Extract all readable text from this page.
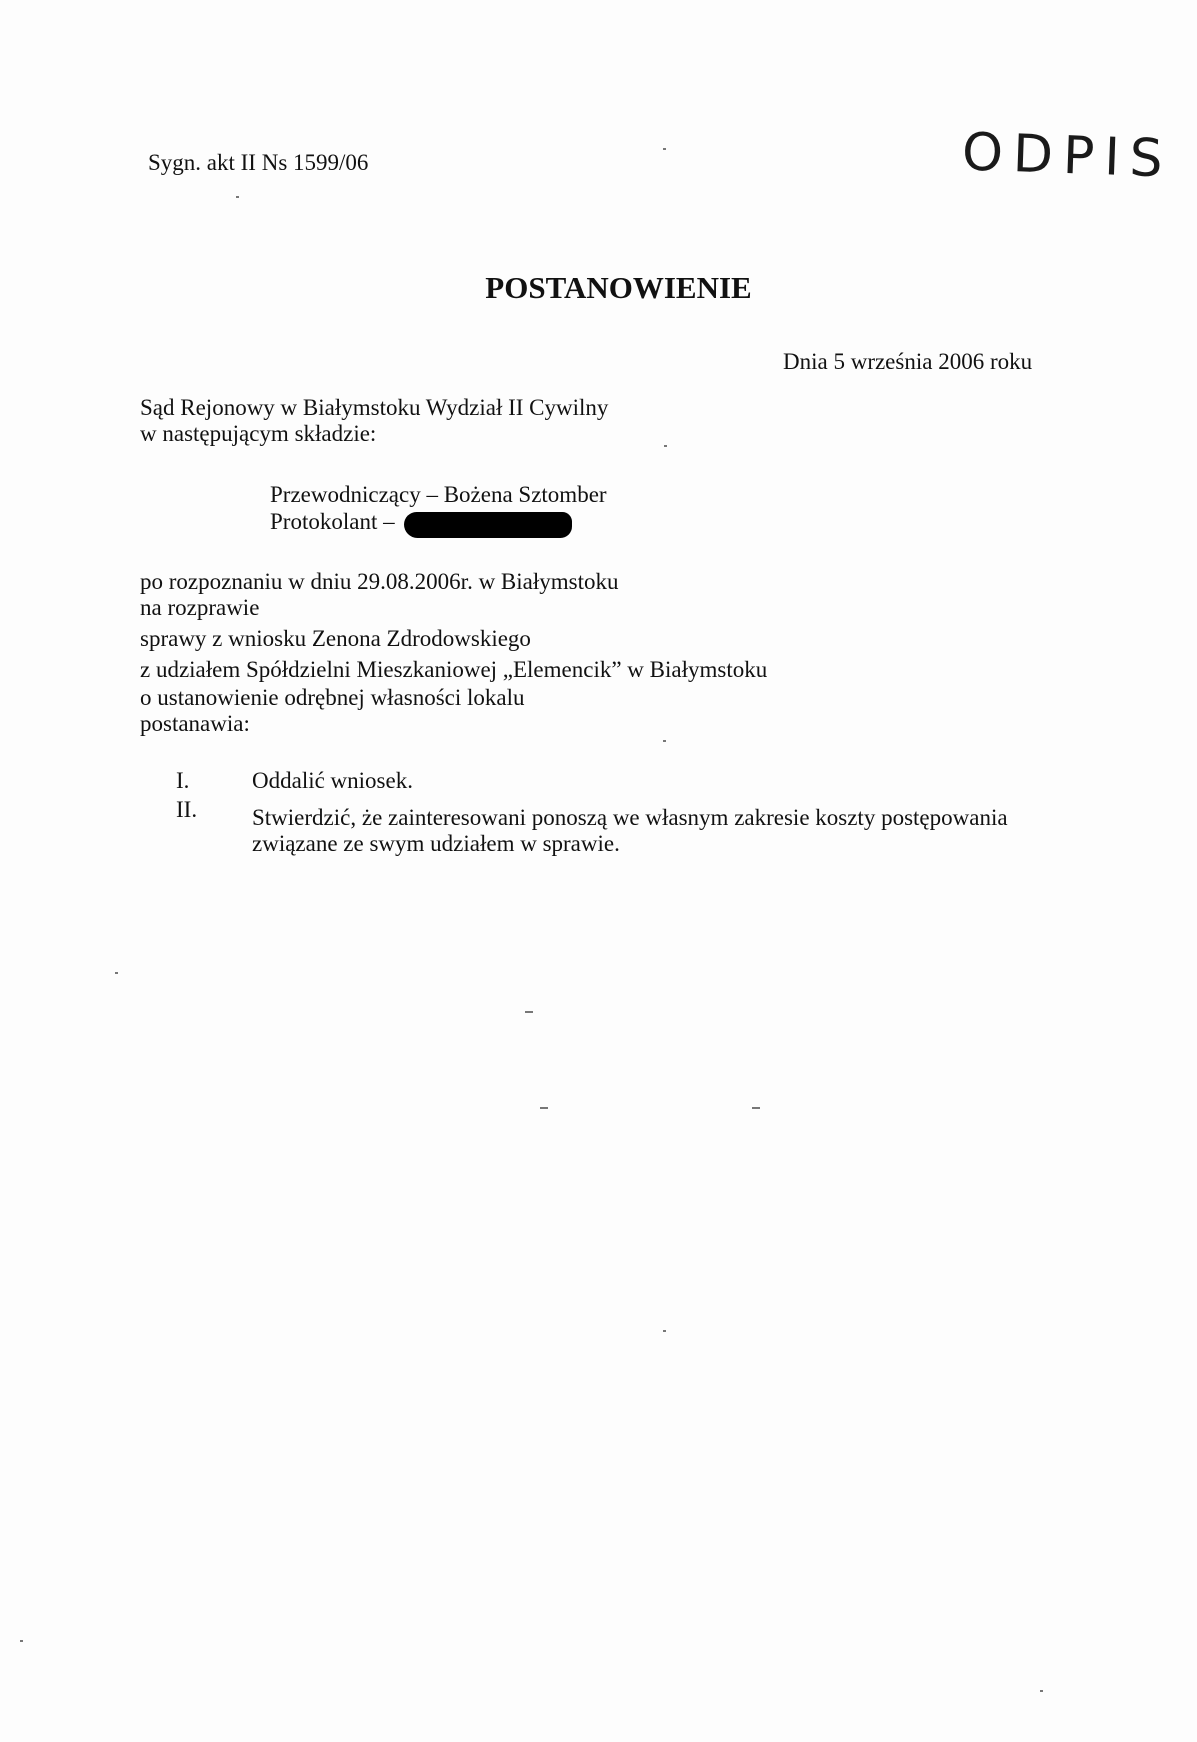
Sygn. akt II Ns 1599/06	ODPIS
POSTANOWIENIE
Dnia 5 września 2006 roku
Sąd Rejonowy w Białymstoku Wydział II Cywilny
w następującym składzie:
Przewodniczący – Bożena Sztomber
Protokolant –
po rozpoznaniu w dniu 29.08.2006r. w Białymstoku
na rozprawie
sprawy z wniosku Zenona Zdrodowskiego
z udziałem Spółdzielni Mieszkaniowej „Elemencik” w Białymstoku
o ustanowienie odrębnej własności lokalu
postanawia:
I.	Oddalić wniosek.
II. Stwierdzić, że zainteresowani ponoszą we własnym zakresie koszty postępowania
związane ze swym udziałem w sprawie.
